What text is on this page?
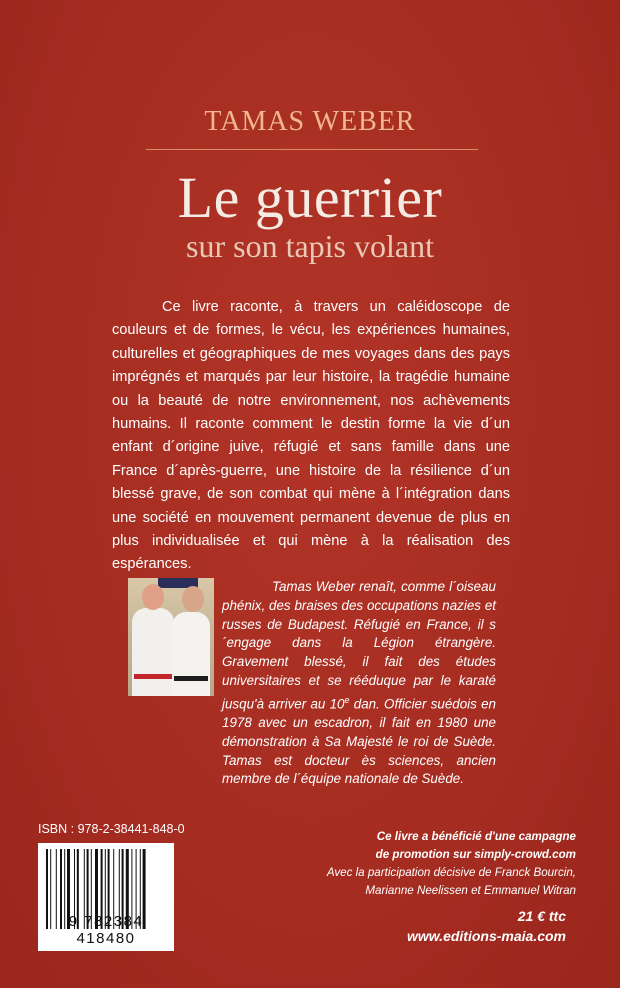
TAMAS WEBER
Le guerrier
sur son tapis volant
Ce livre raconte, à travers un caléidoscope de couleurs et de formes, le vécu, les expériences humaines, culturelles et géographiques de mes voyages dans des pays imprégnés et marqués par leur histoire, la tragédie humaine ou la beauté de notre environnement, nos achèvements humains. Il raconte comment le destin forme la vie d´un enfant d´origine juive, réfugié et sans famille dans une France d´après-guerre, une histoire de la résilience d´un blessé grave, de son combat qui mène à l´intégration dans une société en mouvement permanent devenue de plus en plus individualisée et qui mène à la réalisation des espérances.
Tamas Weber renaît, comme l´oiseau phénix, des braises des occupations nazies et russes de Budapest. Réfugié en France, il s´engage dans la Légion étrangère. Gravement blessé, il fait des études universitaires et se rééduque par le karaté jusqu'à arriver au 10e dan. Officier suédois en 1978 avec un escadron, il fait en 1980 une démonstration à Sa Majesté le roi de Suède. Tamas est docteur ès sciences, ancien membre de l´équipe nationale de Suède.
ISBN : 978-2-38441-848-0
9 782384 418480
Ce livre a bénéficié d'une campagne
de promotion sur simply-crowd.com
Avec la participation décisive de Franck Bourcin,
Marianne Neelissen et Emmanuel Witran
21 € ttc
www.editions-maia.com
